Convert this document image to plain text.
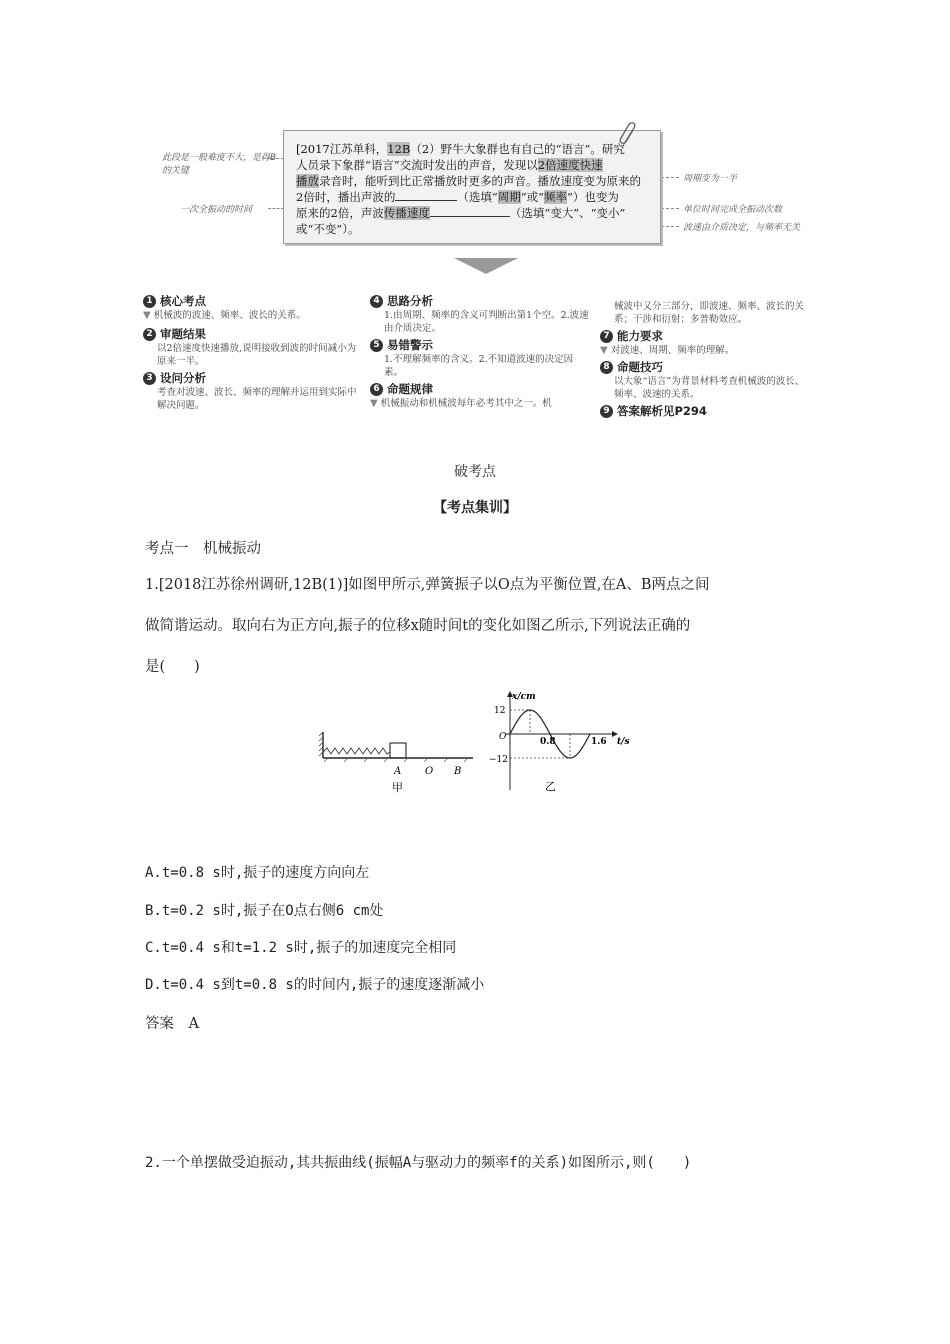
此段是一般难度不大，是得B的关键
一次全振动的时间
周期变为一半
单位时间完成全振动次数
波速由介质决定，与频率无关
[2017江苏单科，12B（2）野牛大象群也有自己的“语言”。研究
人员录下象群“语言”交流时发出的声音，发现以2倍速度快速
播放录音时，能听到比正常播放时更多的声音。播放速度变为原来的
2倍时，播出声波的	（选填“周期”或“频率”）也变为
原来的2倍，声波传播速度	（选填“变大”、“变小”
或“不变”）。
1 核心考点
▼ 机械波的波速、频率、波长的关系。
2 审题结果
以2倍速度快速播放,说明接收到波的时间减小为原来一半。
3 设问分析
考查对波速、波长、频率的理解并运用到实际中解决问题。
4 思路分析
1.由周期、频率的含义可判断出第1个空。2.波速由介质决定。
5 易错警示
1.不理解频率的含义。2.不知道波速的决定因素。
6 命题规律
▼ 机械振动和机械波每年必考其中之一。机
械波中又分三部分，即波速、频率、波长的关系；干涉和衍射；多普勒效应。
7 能力要求
▼ 对波速、周期、频率的理解。
8 命题技巧
以大象“语言”为背景材料考查机械波的波长、频率、波速的关系。
9 答案解析见P294
破考点
【考点集训】
考点一　机械振动
1.[2018江苏徐州调研,12B(1)]如图甲所示,弹簧振子以O点为平衡位置,在A、B两点之间
做简谐运动。取向右为正方向,振子的位移x随时间t的变化如图乙所示,下列说法正确的
是(　　)
A O B
甲
x/cm
12
−12
O	0.8	1.6 t/s
乙
A.t=0.8 s时,振子的速度方向向左
B.t=0.2 s时,振子在O点右侧6 cm处
C.t=0.4 s和t=1.2 s时,振子的加速度完全相同
D.t=0.4 s到t=0.8 s的时间内,振子的速度逐渐减小
答案　A
2.一个单摆做受迫振动,其共振曲线(振幅A与驱动力的频率f的关系)如图所示,则(　　)
